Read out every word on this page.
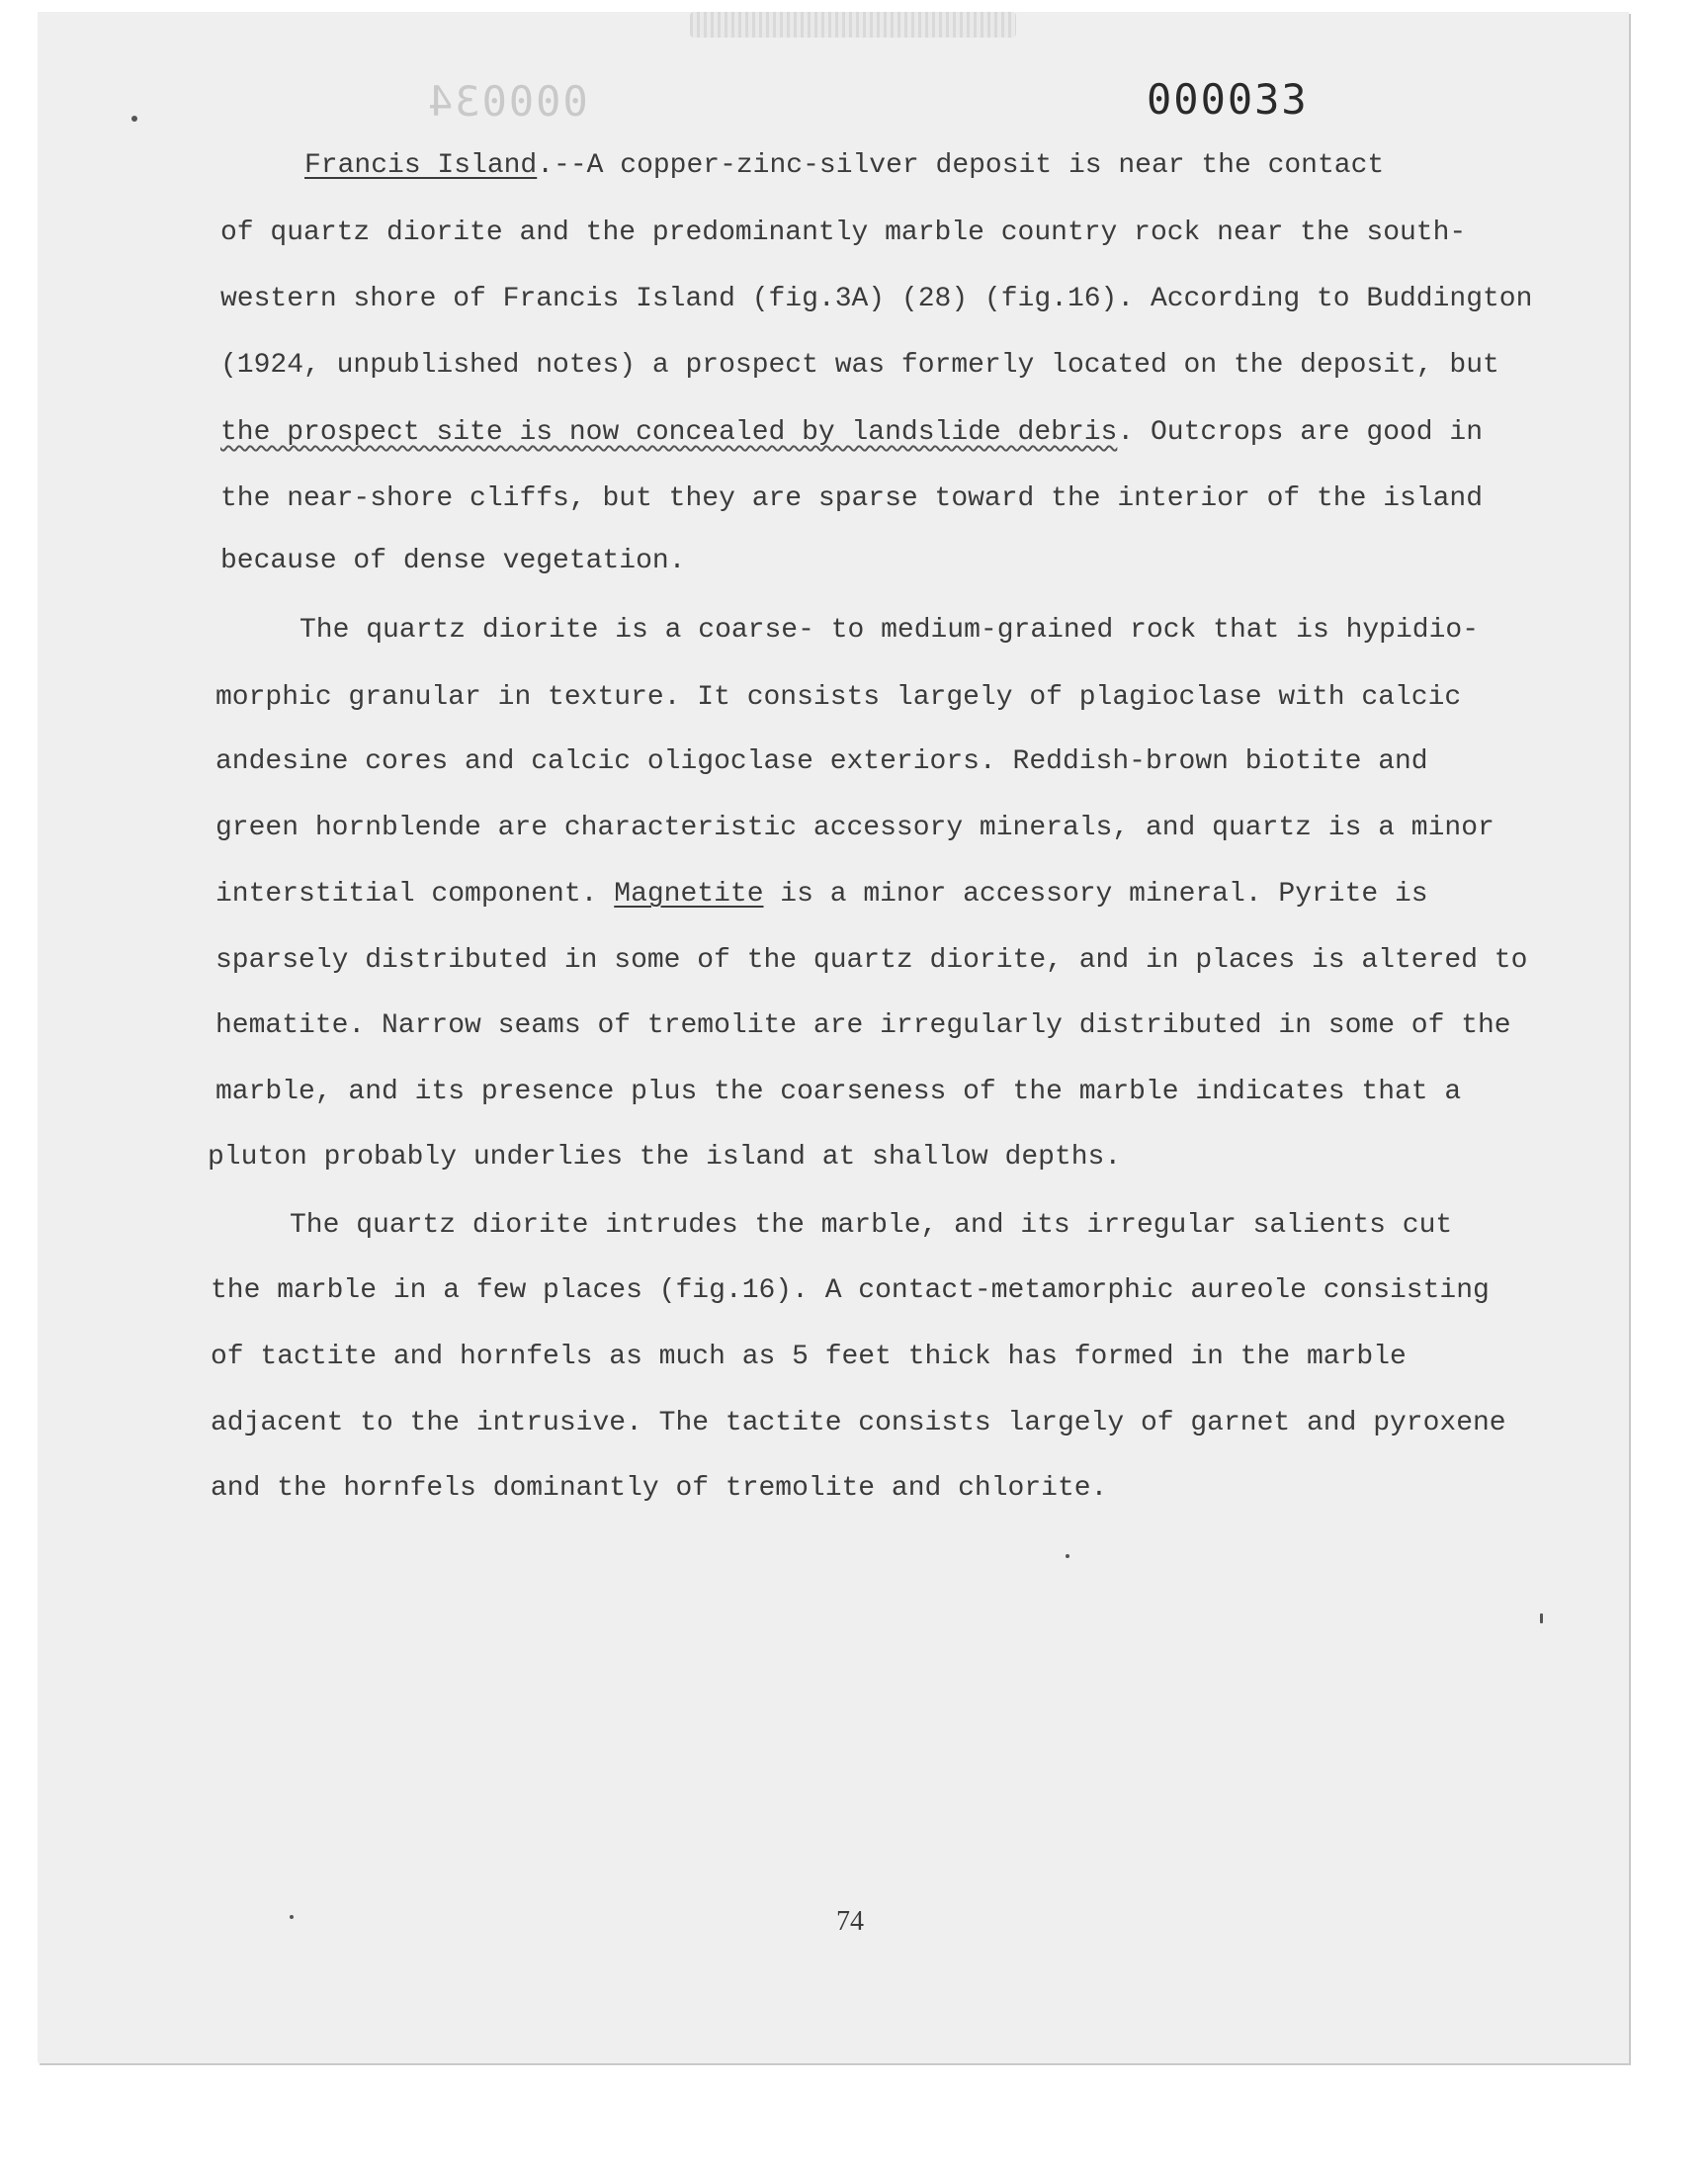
000034	000033
Francis Island.--A copper-zinc-silver deposit is near the contact
of quartz diorite and the predominantly marble country rock near the south-
western shore of Francis Island (fig.3A) (28) (fig.16). According to Buddington
(1924, unpublished notes) a prospect was formerly located on the deposit, but
the prospect site is now concealed by landslide debris. Outcrops are good in
the near-shore cliffs, but they are sparse toward the interior of the island
because of dense vegetation.
The quartz diorite is a coarse- to medium-grained rock that is hypidio-
morphic granular in texture. It consists largely of plagioclase with calcic
andesine cores and calcic oligoclase exteriors. Reddish-brown biotite and
green hornblende are characteristic accessory minerals, and quartz is a minor
interstitial component. Magnetite is a minor accessory mineral. Pyrite is
sparsely distributed in some of the quartz diorite, and in places is altered to
hematite. Narrow seams of tremolite are irregularly distributed in some of the
marble, and its presence plus the coarseness of the marble indicates that a
pluton probably underlies the island at shallow depths.
The quartz diorite intrudes the marble, and its irregular salients cut
the marble in a few places (fig.16). A contact-metamorphic aureole consisting
of tactite and hornfels as much as 5 feet thick has formed in the marble
adjacent to the intrusive. The tactite consists largely of garnet and pyroxene
and the hornfels dominantly of tremolite and chlorite.
74
